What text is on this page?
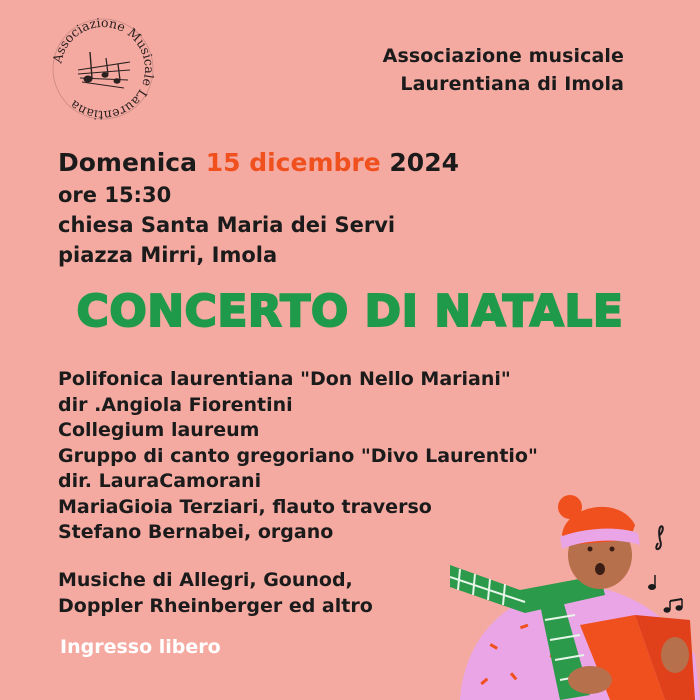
Associazione Musicale Laurentiana
Associazione musicale
Laurentiana di Imola
Domenica 15 dicembre 2024
ore 15:30
chiesa Santa Maria dei Servi
piazza Mirri, Imola
CONCERTO DI NATALE
Polifonica laurentiana "Don Nello Mariani"
dir .Angiola Fiorentini
Collegium laureum
Gruppo di canto gregoriano "Divo Laurentio"
dir. LauraCamorani
MariaGioia Terziari, flauto traverso
Stefano Bernabei, organo
Musiche di Allegri, Gounod,
Doppler Rheinberger ed altro
Ingresso libero
